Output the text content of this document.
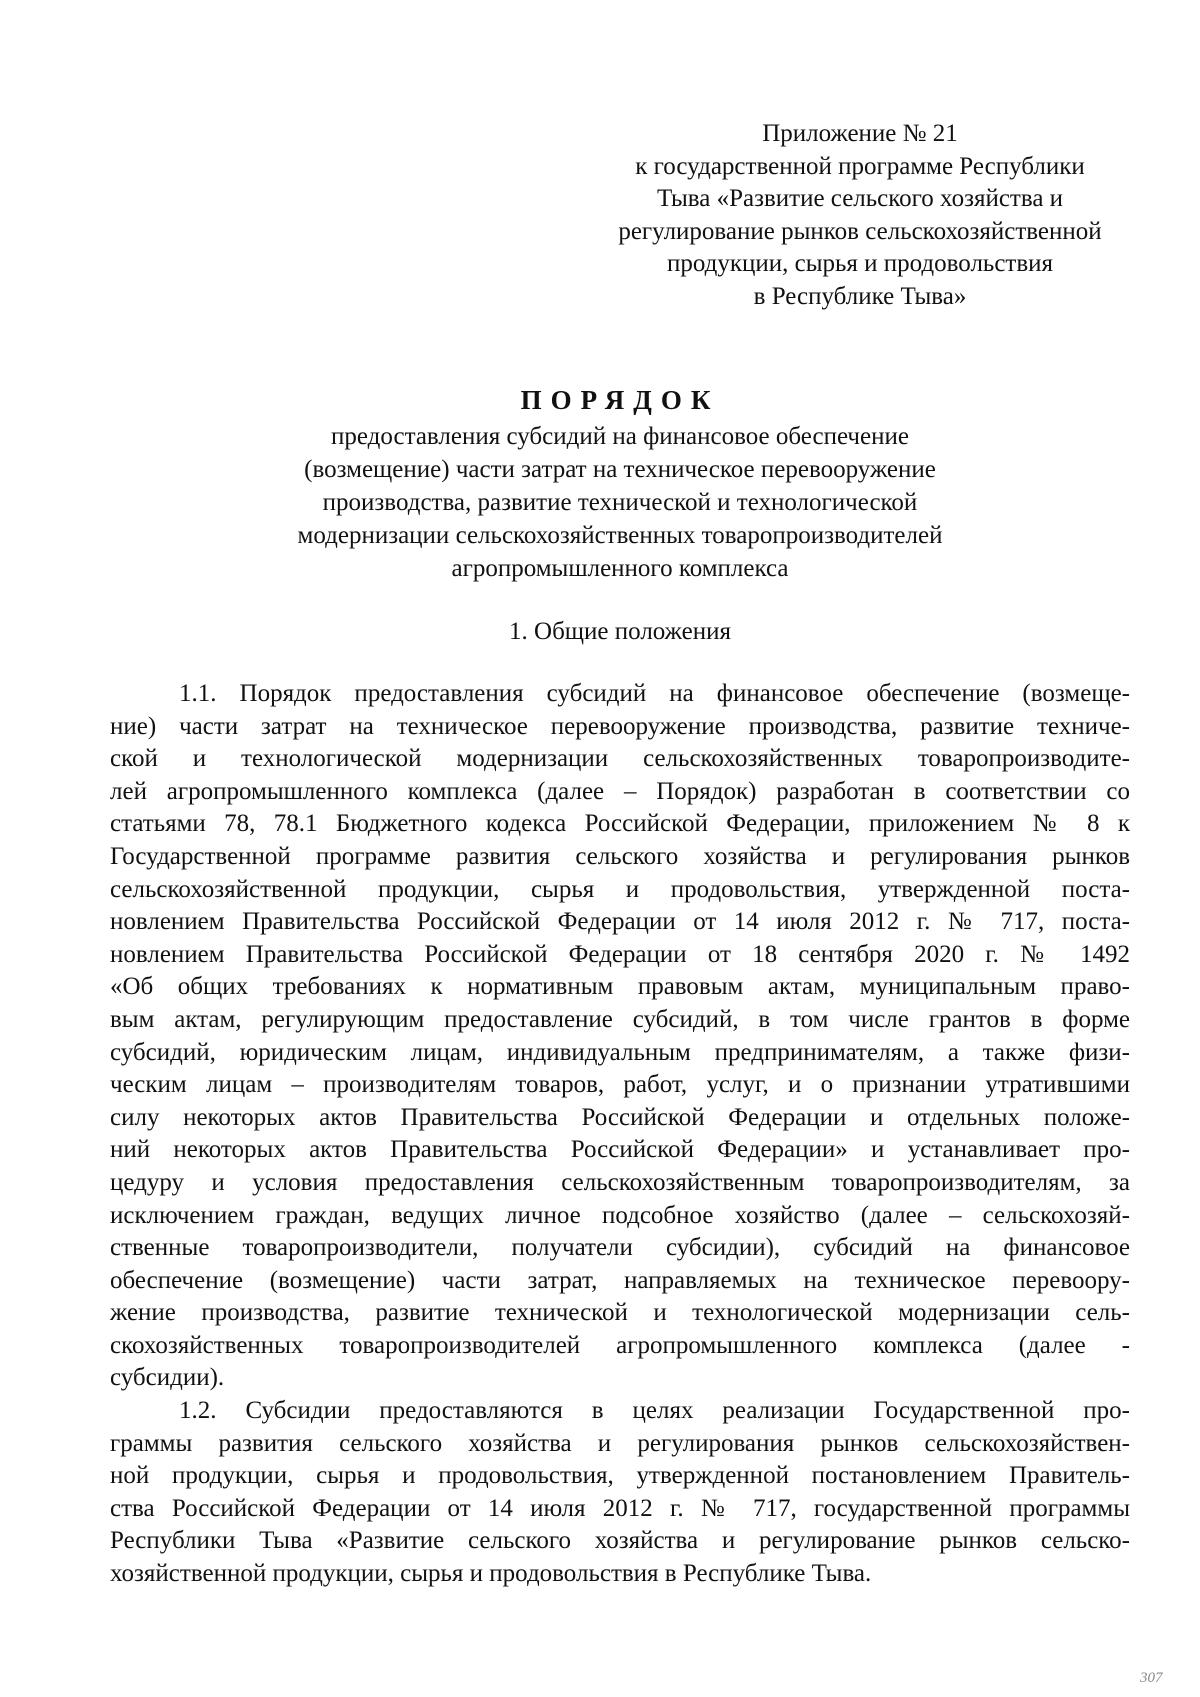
Приложение № 21
к государственной программе Республики
Тыва «Развитие сельского хозяйства и
регулирование рынков сельскохозяйственной
продукции, сырья и продовольствия
в Республике Тыва»
ПОРЯДОК
предоставления субсидий на финансовое обеспечение
(возмещение) части затрат на техническое перевооружение
производства, развитие технической и технологической
модернизации сельскохозяйственных товаропроизводителей
агропромышленного комплекса
1. Общие положения

1.1. Порядок предоставления субсидий на финансовое обеспечение (возмеще-

ние) части затрат на техническое перевооружение производства, развитие техниче-

ской и технологической модернизации сельскохозяйственных товаропроизводите-

лей агропромышленного комплекса (далее – Порядок) разработан в соответствии со

статьями 78, 78.1 Бюджетного кодекса Российской Федерации, приложением № 8 к

Государственной программе развития сельского хозяйства и регулирования рынков

сельскохозяйственной продукции, сырья и продовольствия, утвержденной поста-

новлением Правительства Российской Федерации от 14 июля 2012 г. № 717, поста-

новлением Правительства Российской Федерации от 18 сентября 2020 г. № 1492

«Об общих требованиях к нормативным правовым актам, муниципальным право-

вым актам, регулирующим предоставление субсидий, в том числе грантов в форме

субсидий, юридическим лицам, индивидуальным предпринимателям, а также физи-

ческим лицам – производителям товаров, работ, услуг, и о признании утратившими

силу некоторых актов Правительства Российской Федерации и отдельных положе-

ний некоторых актов Правительства Российской Федерации» и устанавливает про-

цедуру и условия предоставления сельскохозяйственным товаропроизводителям, за

исключением граждан, ведущих личное подсобное хозяйство (далее – сельскохозяй-

ственные товаропроизводители, получатели субсидии), субсидий на финансовое

обеспечение (возмещение) части затрат, направляемых на техническое перевоору-

жение производства, развитие технической и технологической модернизации сель-

скохозяйственных товаропроизводителей агропромышленного комплекса (далее -

субсидии).

1.2. Субсидии предоставляются в целях реализации Государственной про-

граммы развития сельского хозяйства и регулирования рынков сельскохозяйствен-

ной продукции, сырья и продовольствия, утвержденной постановлением Правитель-

ства Российской Федерации от 14 июля 2012 г. № 717, государственной программы

Республики Тыва «Развитие сельского хозяйства и регулирование рынков сельско-

хозяйственной продукции, сырья и продовольствия в Республике Тыва.

307
